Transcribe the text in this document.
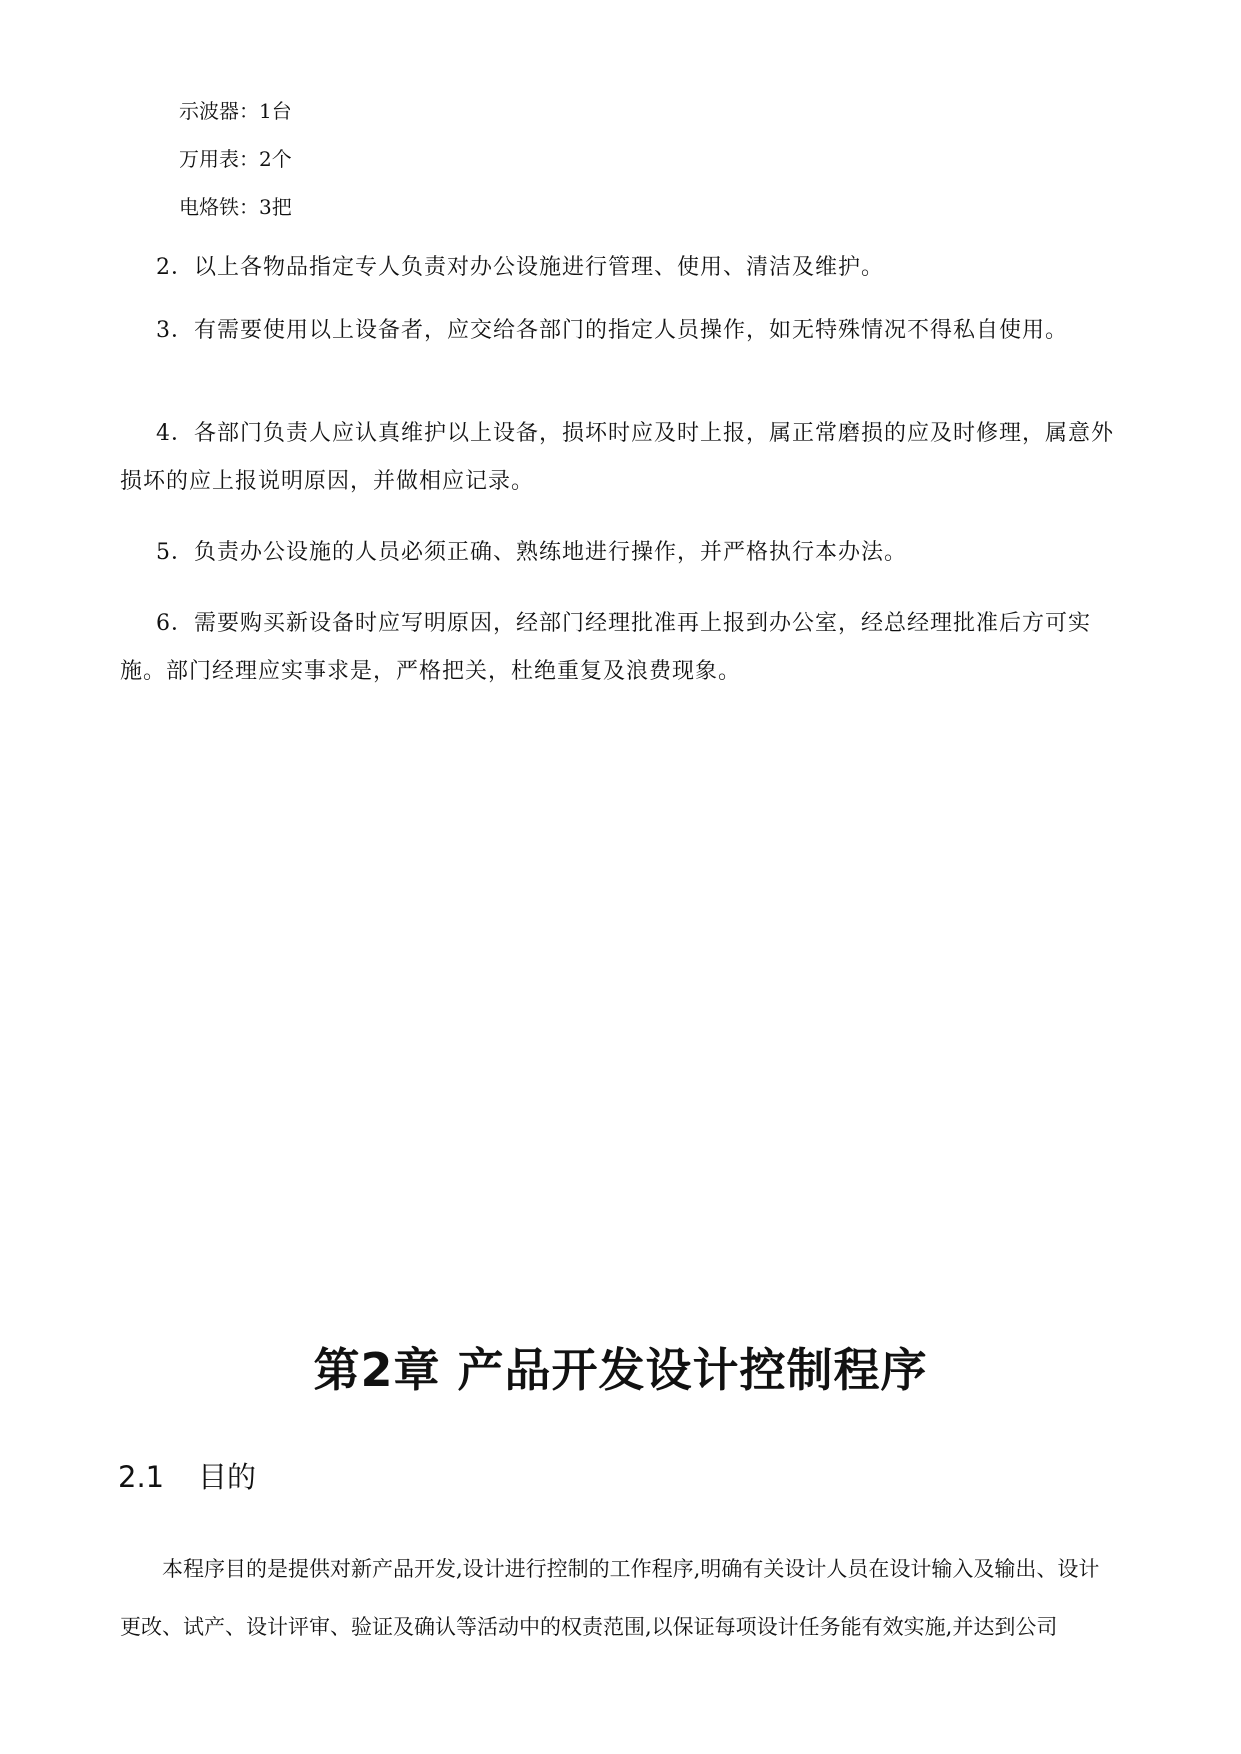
示波器：1台
万用表：2个
电烙铁：3把

2．以上各物品指定专人负责对办公设施进行管理、使用、清洁及维护。

3．有需要使用以上设备者，应交给各部门的指定人员操作，如无特殊情况不得私自使用。

4．各部门负责人应认真维护以上设备，损坏时应及时上报，属正常磨损的应及时修理，属意外损坏的应上报说明原因，并做相应记录。

5．负责办公设施的人员必须正确、熟练地进行操作，并严格执行本办法。

6．需要购买新设备时应写明原因，经部门经理批准再上报到办公室，经总经理批准后方可实施。部门经理应实事求是，严格把关，杜绝重复及浪费现象。

第2章 产品开发设计控制程序
2.1 目的

本程序目的是提供对新产品开发,设计进行控制的工作程序,明确有关设计人员在设计输入及输出、设计更改、试产、设计评审、验证及确认等活动中的权责范围,以保证每项设计任务能有效实施,并达到公司
